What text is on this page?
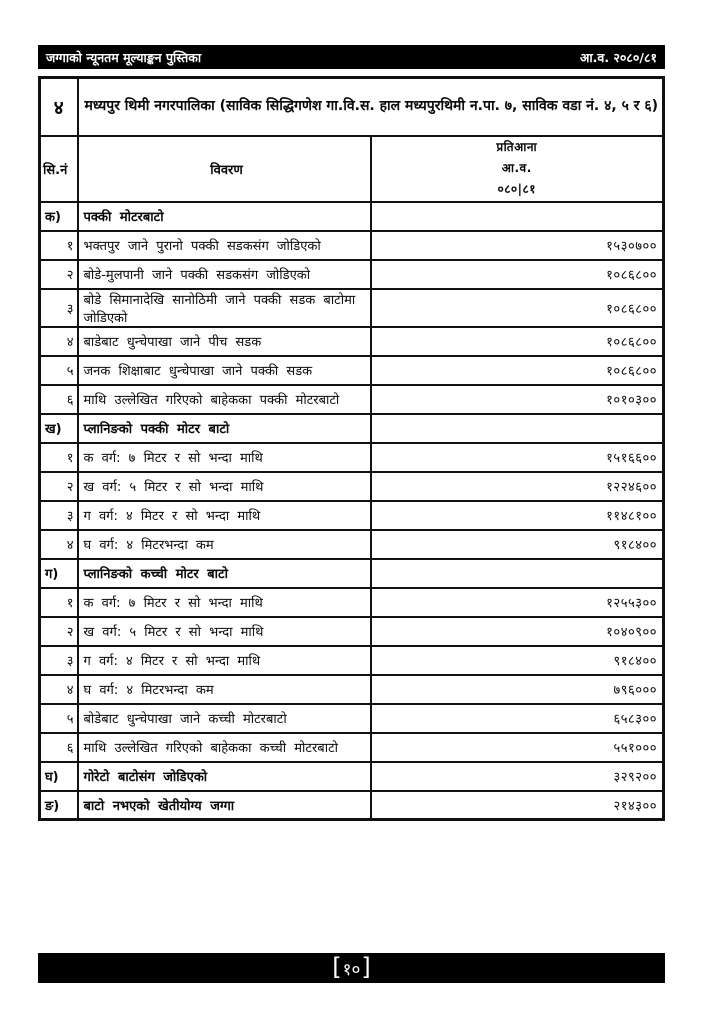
जग्गाको न्यूनतम मूल्याङ्कन पुस्तिका	आ.व. २०८०/८१
४	मध्यपुर थिमी नगरपालिका (साविक सिद्धिगणेश गा.वि.स. हाल मध्यपुरथिमी न.पा. ७, साविक वडा नं. ४, ५ र ६)	
सि.नं	विवरण	प्रतिआना
आ.व.
०८०|८१

क)	पक्की मोटरबाटो	
१	भक्तपुर जाने पुरानो पक्की सडकसंग जोडिएको	१५३०७००
२	बोडे-मुलपानी जाने पक्की सडकसंग जोडिएको	१०८६८००
३	बोडे सिमानादेखि सानोठिमी जाने पक्की सडक बाटोमा जोडिएको	१०८६८००
४	बाडेबाट धुन्चेपाखा जाने पीच सडक	१०८६८००
५	जनक शिक्षाबाट धुन्चेपाखा जाने पक्की सडक	१०८६८००
६	माथि उल्लेखित गरिएको बाहेकका पक्की मोटरबाटो	१०१०३००
ख)	प्लानिङको पक्की मोटर बाटो	
१	क वर्ग: ७ मिटर र सो भन्दा माथि	१५१६६००
२	ख वर्ग: ५ मिटर र सो भन्दा माथि	१२२४६००
३	ग वर्ग: ४ मिटर र सो भन्दा माथि	११४८१००
४	घ वर्ग: ४ मिटरभन्दा कम	९१८४००
ग)	प्लानिङको कच्ची मोटर बाटो	
१	क वर्ग: ७ मिटर र सो भन्दा माथि	१२५५३००
२	ख वर्ग: ५ मिटर र सो भन्दा माथि	१०४०९००
३	ग वर्ग: ४ मिटर र सो भन्दा माथि	९१८४००
४	घ वर्ग: ४ मिटरभन्दा कम	७९६०००
५	बोडेबाट धुन्चेपाखा जाने कच्ची मोटरबाटो	६५८३००
६	माथि उल्लेखित गरिएको बाहेकका कच्ची मोटरबाटो	५५१०००
घ)	गोरेटो बाटोसंग जोडिएको	३२९२००
ङ)	बाटो नभएको खेतीयोग्य जग्गा	२१४३००
[ १० ]
